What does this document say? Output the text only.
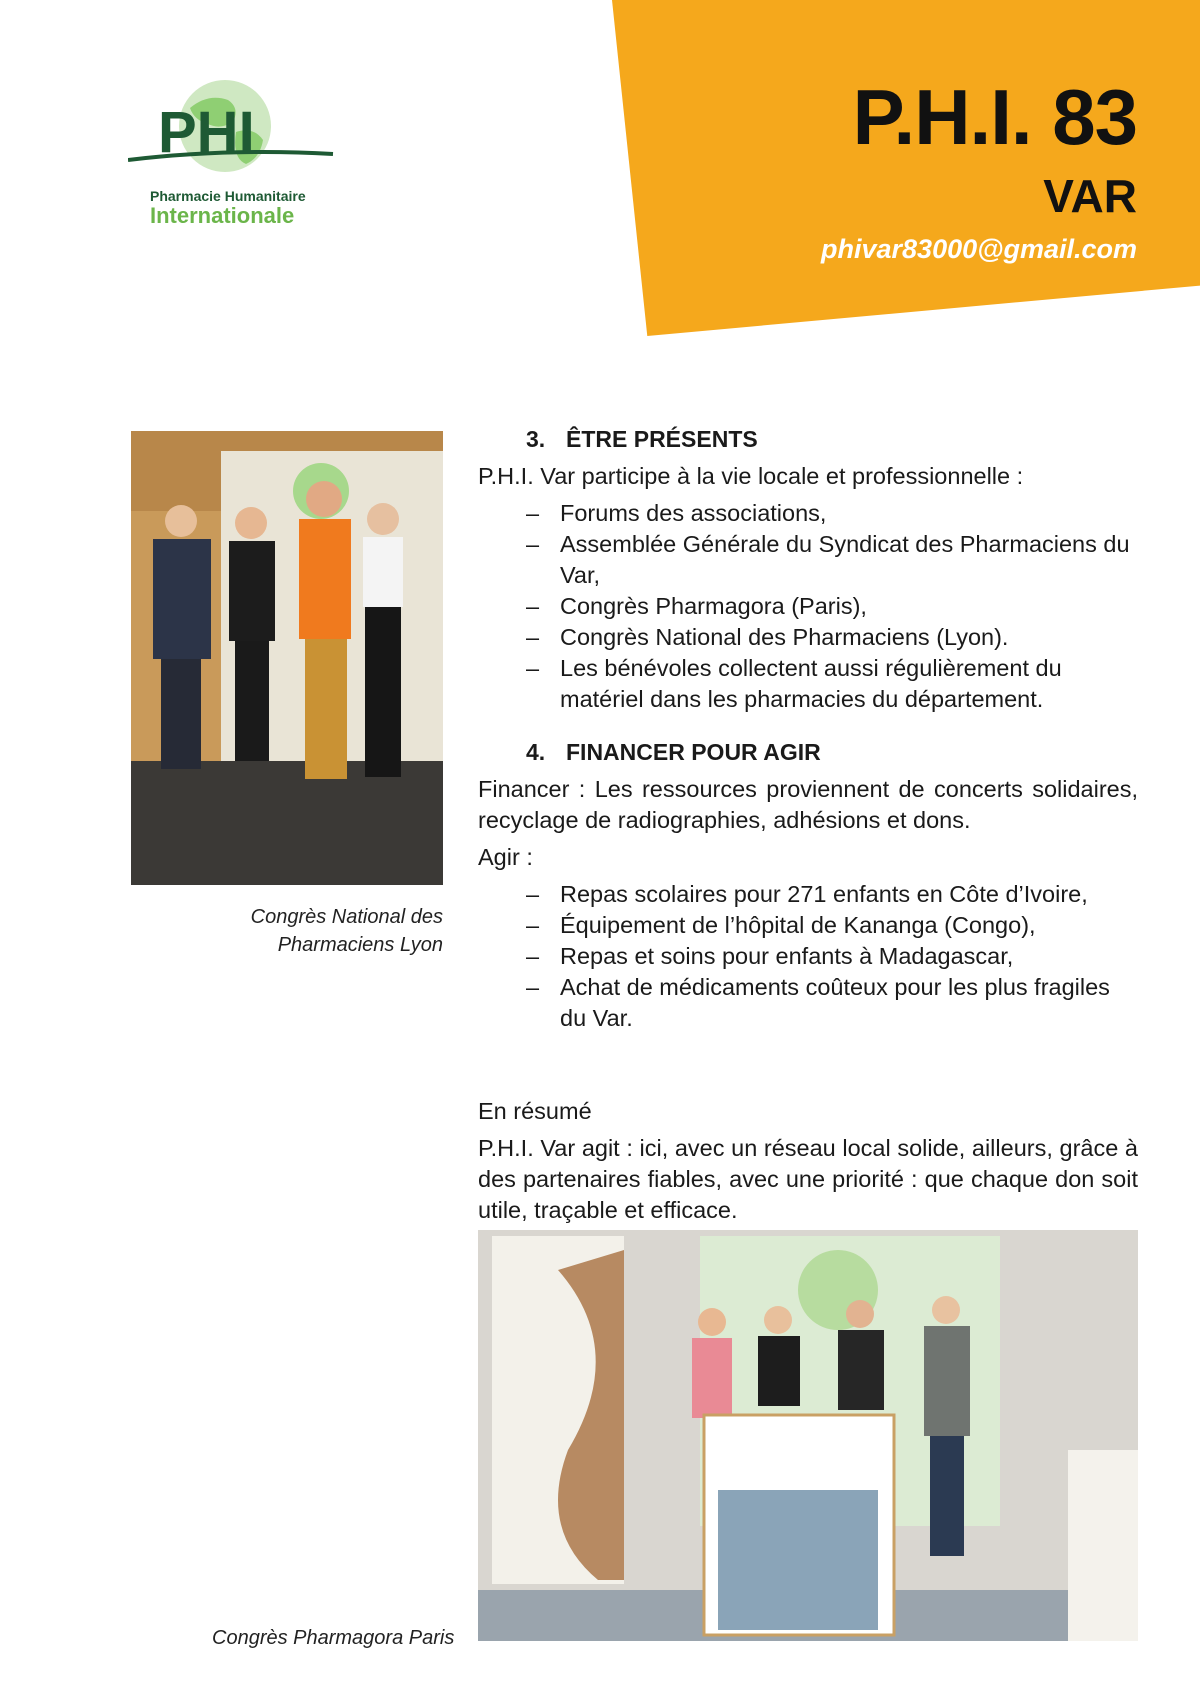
P.H.I. 83
VAR
phivar83000@gmail.com
PHI
Pharmacie Humanitaire
Internationale
Congrès National des
Pharmaciens Lyon
3. ÊTRE PRÉSENTS

P.H.I. Var participe à la vie locale et professionnelle :

– Forums des associations,
– Assemblée Générale du Syndicat des Pharmaciens du Var,
– Congrès Pharmagora (Paris),
– Congrès National des Pharmaciens (Lyon).
– Les bénévoles collectent aussi régulièrement du matériel dans les pharmacies du département.
4. FINANCER POUR AGIR

Financer : Les ressources proviennent de concerts solidaires, recyclage de radiographies, adhésions et dons.

Agir :

– Repas scolaires pour 271 enfants en Côte d’Ivoire,
– Équipement de l’hôpital de Kananga (Congo),
– Repas et soins pour enfants à Madagascar,
– Achat de médicaments coûteux pour les plus fragiles du Var.

En résumé

P.H.I. Var agit : ici, avec un réseau local solide, ailleurs, grâce à des partenaires fiables, avec une priorité : que chaque don soit utile, traçable et efficace.

Congrès Pharmagora Paris
